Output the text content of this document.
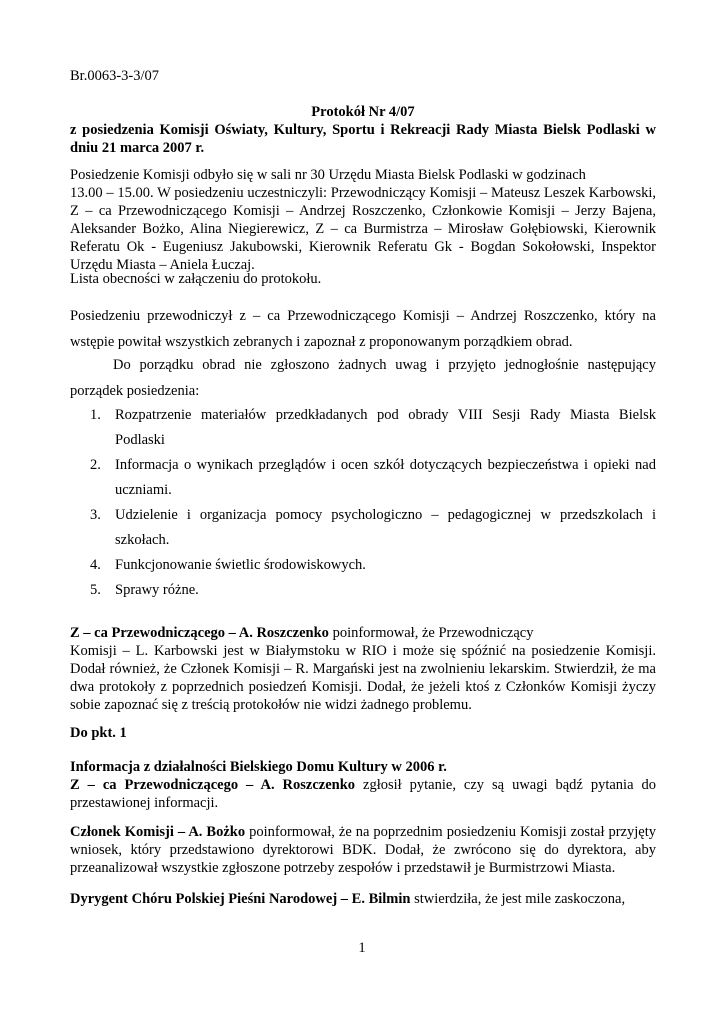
Br.0063-3-3/07

Protokół Nr 4/07

z posiedzenia Komisji Oświaty, Kultury, Sportu i Rekreacji Rady Miasta Bielsk Podlaski w dniu 21 marca 2007 r.

Posiedzenie Komisji odbyło się w sali nr 30 Urzędu Miasta Bielsk Podlaski w godzinach

13.00 – 15.00. W posiedzeniu uczestniczyli: Przewodniczący Komisji – Mateusz Leszek Karbowski, Z – ca Przewodniczącego Komisji – Andrzej Roszczenko, Członkowie Komisji – Jerzy Bajena, Aleksander Bożko, Alina Niegierewicz, Z – ca Burmistrza – Mirosław Gołębiowski, Kierownik Referatu Ok - Eugeniusz Jakubowski, Kierownik Referatu Gk - Bogdan Sokołowski, Inspektor Urzędu Miasta – Aniela Łuczaj.

Lista obecności w załączeniu do protokołu.

Posiedzeniu przewodniczył z – ca Przewodniczącego Komisji – Andrzej Roszczenko, który na wstępie powitał wszystkich zebranych i zapoznał z proponowanym porządkiem obrad.

Do porządku obrad nie zgłoszono żadnych uwag i przyjęto jednogłośnie następujący porządek posiedzenia:

1. Rozpatrzenie materiałów przedkładanych pod obrady VIII Sesji Rady Miasta Bielsk Podlaski
2. Informacja o wynikach przeglądów i ocen szkół dotyczących bezpieczeństwa i opieki nad uczniami.
3. Udzielenie i organizacja pomocy psychologiczno – pedagogicznej w przedszkolach i szkołach.
4. Funkcjonowanie świetlic środowiskowych.
5. Sprawy różne.

Z – ca Przewodniczącego – A. Roszczenko poinformował, że Przewodniczący

Komisji – L. Karbowski jest w Białymstoku w RIO i może się spóźnić na posiedzenie Komisji. Dodał również, że Członek Komisji – R. Margański jest na zwolnieniu lekarskim. Stwierdził, że ma dwa protokoły z poprzednich posiedzeń Komisji. Dodał, że jeżeli ktoś z Członków Komisji życzy sobie zapoznać się z treścią protokołów nie widzi żadnego problemu.

Do pkt. 1

Informacja z działalności Bielskiego Domu Kultury w 2006 r.

Z – ca Przewodniczącego – A. Roszczenko zgłosił pytanie, czy są uwagi bądź pytania do przestawionej informacji.

Członek Komisji – A. Bożko poinformował, że na poprzednim posiedzeniu Komisji został przyjęty wniosek, który przedstawiono dyrektorowi BDK. Dodał, że zwrócono się do dyrektora, aby przeanalizował wszystkie zgłoszone potrzeby zespołów i przedstawił je Burmistrzowi Miasta.

Dyrygent Chóru Polskiej Pieśni Narodowej – E. Bilmin stwierdziła, że jest mile zaskoczona,

1
